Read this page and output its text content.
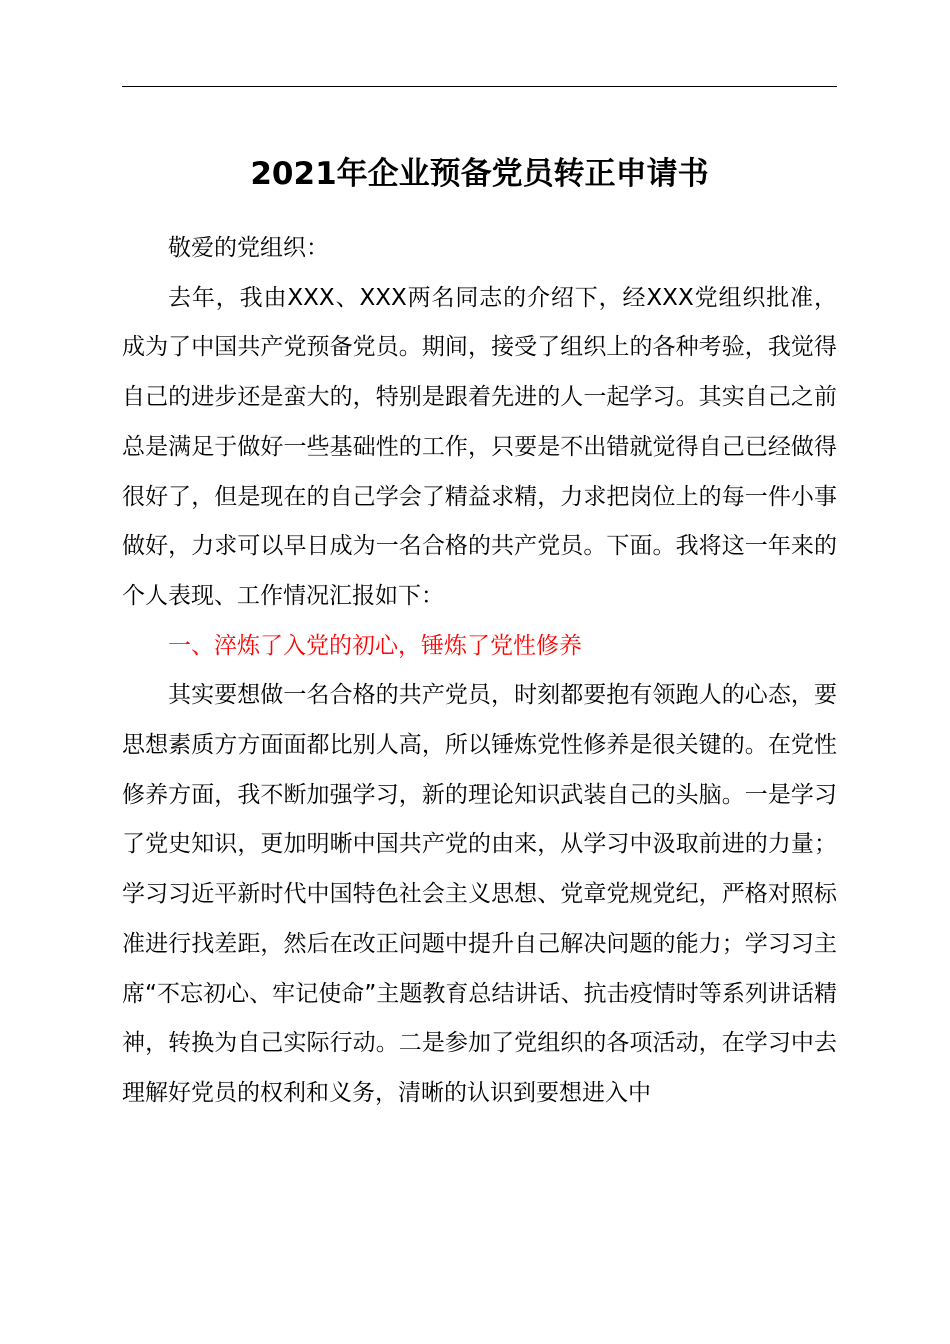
2021年企业预备党员转正申请书

敬爱的党组织：

去年，我由XXX、XXX两名同志的介绍下，经XXX党组织批准，成为了中国共产党预备党员。期间，接受了组织上的各种考验，我觉得自己的进步还是蛮大的，特别是跟着先进的人一起学习。其实自己之前总是满足于做好一些基础性的工作，只要是不出错就觉得自己已经做得很好了，但是现在的自己学会了精益求精，力求把岗位上的每一件小事做好，力求可以早日成为一名合格的共产党员。下面。我将这一年来的个人表现、工作情况汇报如下：

一、淬炼了入党的初心，锤炼了党性修养

其实要想做一名合格的共产党员，时刻都要抱有领跑人的心态，要思想素质方方面面都比别人高，所以锤炼党性修养是很关键的。在党性修养方面，我不断加强学习，新的理论知识武装自己的头脑。一是学习了党史知识，更加明晰中国共产党的由来，从学习中汲取前进的力量；学习习近平新时代中国特色社会主义思想、党章党规党纪，严格对照标准进行找差距，然后在改正问题中提升自己解决问题的能力；学习习主席“不忘初心、牢记使命”主题教育总结讲话、抗击疫情时等系列讲话精神，转换为自己实际行动。二是参加了党组织的各项活动，在学习中去理解好党员的权利和义务，清晰的认识到要想进入中
